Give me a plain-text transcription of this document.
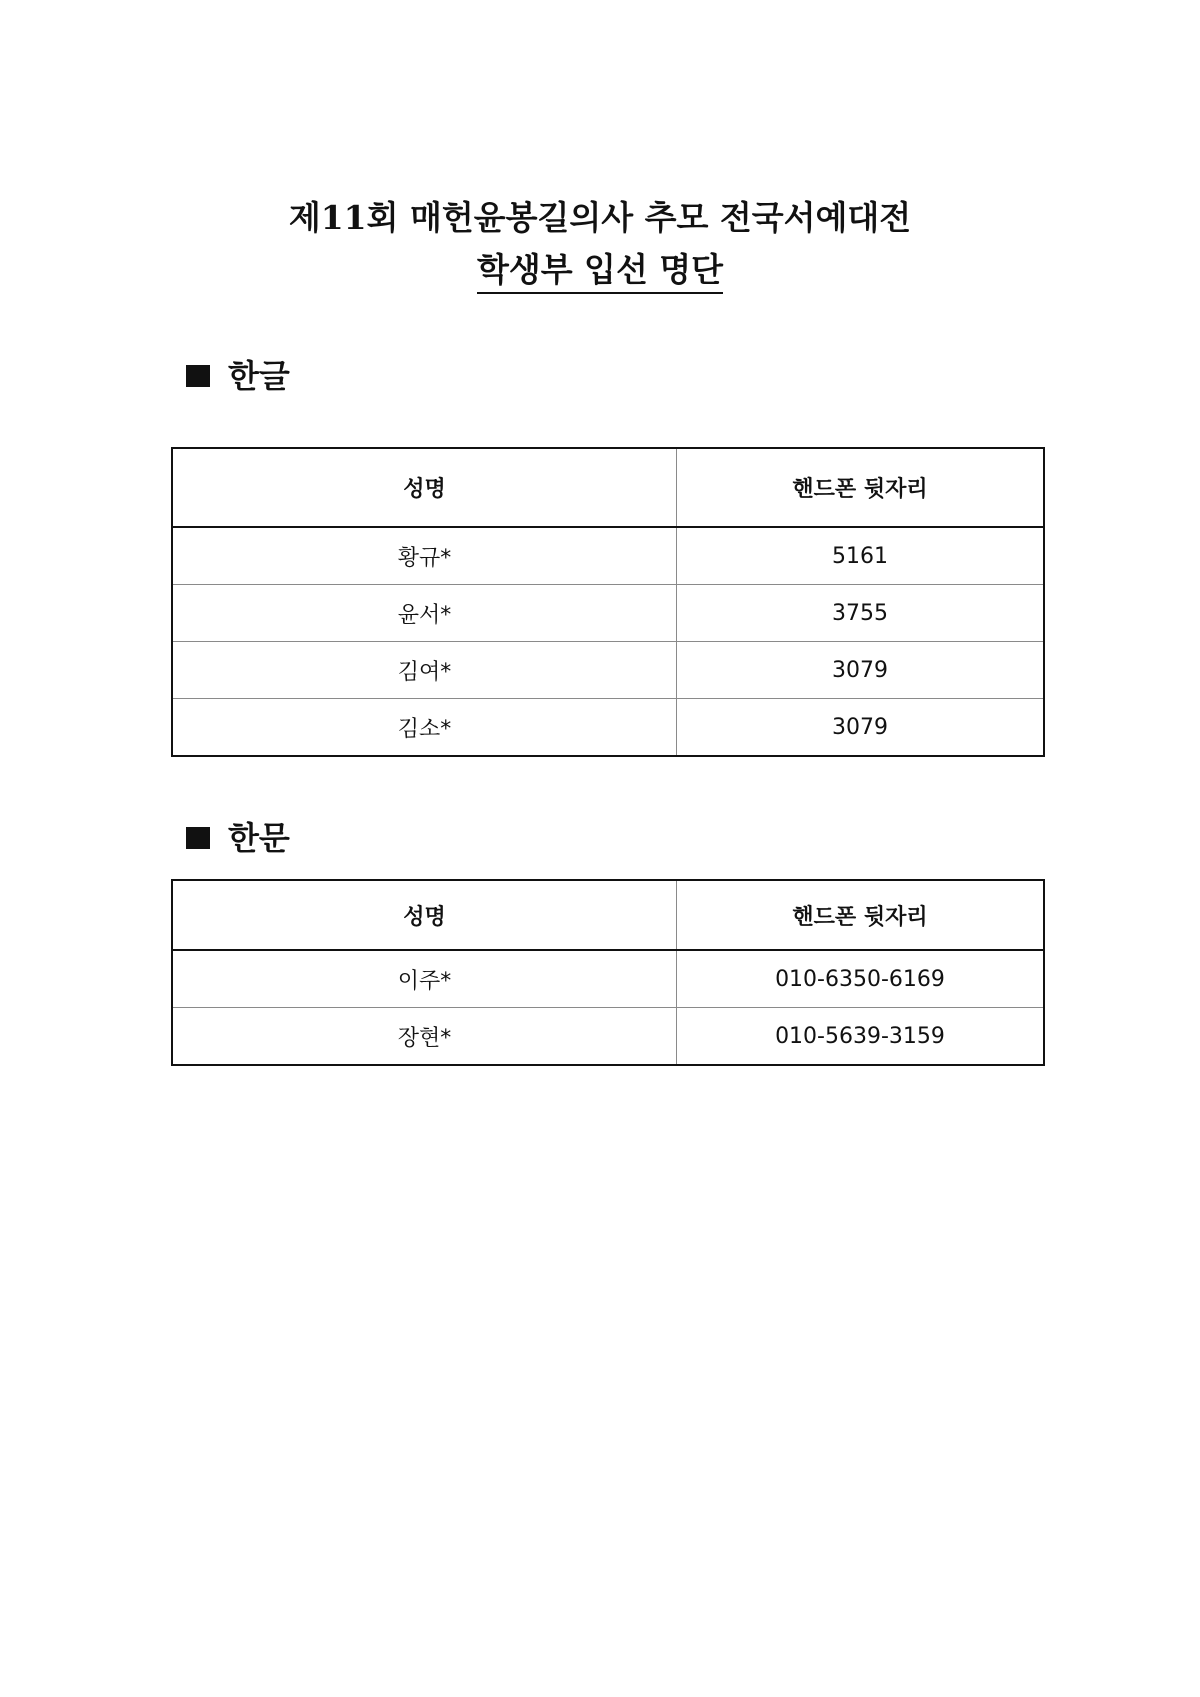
제11회 매헌윤봉길의사 추모 전국서예대전

학생부 입선 명단
한글
성명	핸드폰 뒷자리
황규*	5161
윤서*	3755
김여*	3079
김소*	3079
한문
성명	핸드폰 뒷자리
이주*	010-6350-6169
장현*	010-5639-3159
